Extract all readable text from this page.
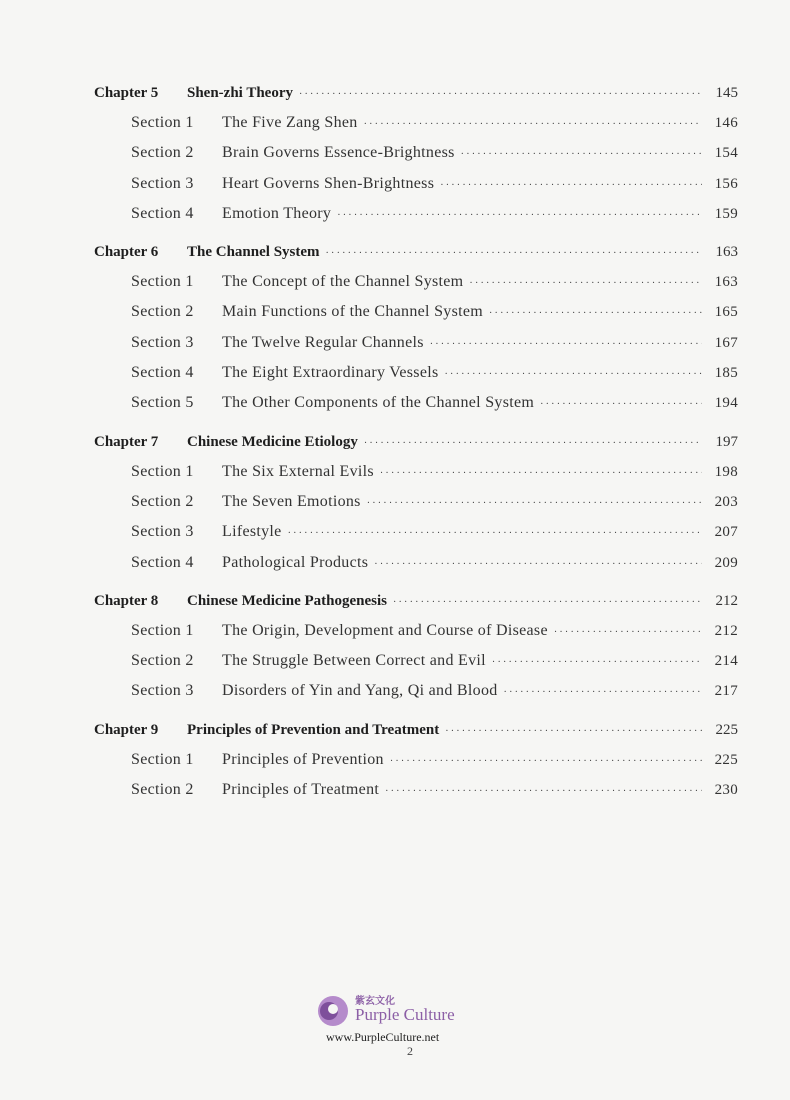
Chapter 5 Shen-zhi Theory ·····	145
Section 1 The Five Zang Shen ·····	146
Section 2 Brain Governs Essence-Brightness ·····	154
Section 3 Heart Governs Shen-Brightness ·····	156
Section 4 Emotion Theory ·····	159
Chapter 6 The Channel System ·····	163
Section 1 The Concept of the Channel System ·····	163
Section 2 Main Functions of the Channel System ·····	165
Section 3 The Twelve Regular Channels ·····	167
Section 4 The Eight Extraordinary Vessels ·····	185
Section 5 The Other Components of the Channel System ·····	194
Chapter 7 Chinese Medicine Etiology ·····	197
Section 1 The Six External Evils ·····	198
Section 2 The Seven Emotions ·····	203
Section 3 Lifestyle ·····	207
Section 4 Pathological Products ·····	209
Chapter 8 Chinese Medicine Pathogenesis ·····	212
Section 1 The Origin, Development and Course of Disease ·····	212
Section 2 The Struggle Between Correct and Evil ·····	214
Section 3 Disorders of Yin and Yang, Qi and Blood ·····	217
Chapter 9 Principles of Prevention and Treatment ·····	225
Section 1 Principles of Prevention ·····	225
Section 2 Principles of Treatment ·····	230
紫玄文化
Purple Culture
www.PurpleCulture.net
2
